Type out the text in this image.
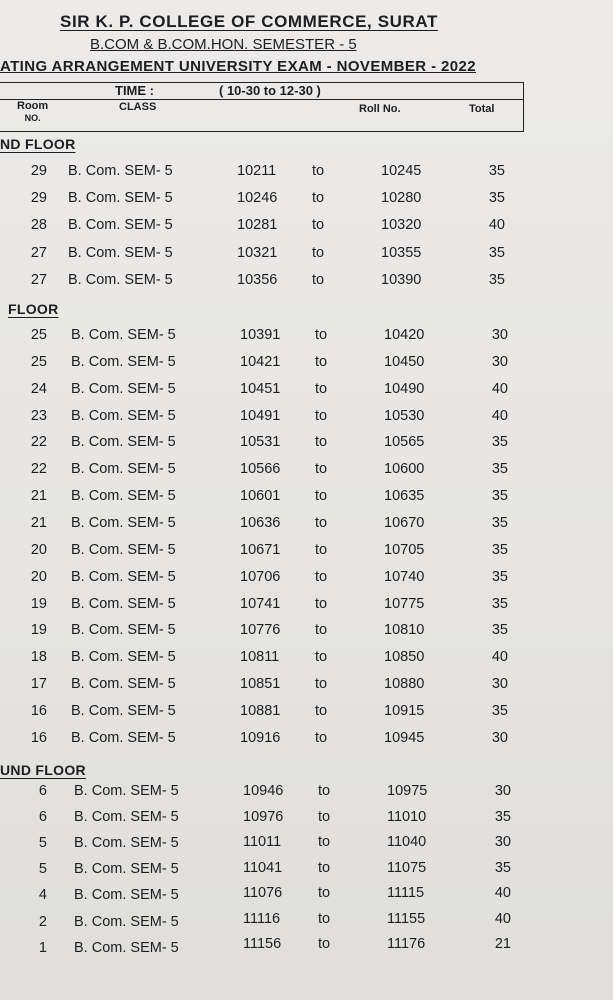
SIR K. P. COLLEGE OF COMMERCE, SURAT
B.COM & B.COM.HON. SEMESTER - 5
ATING ARRANGEMENT UNIVERSITY EXAM - NOVEMBER - 2022
TIME :	( 10-30 to 12-30 )
Room
NO.
CLASS	Roll No.	Total
ND FLOOR
29 B. Com. SEM- 5	10211 to	10245	35
29 B. Com. SEM- 5	10246 to	10280	35
28 B. Com. SEM- 5	10281 to	10320	40
27 B. Com. SEM- 5	10321 to	10355	35
27 B. Com. SEM- 5	10356 to	10390	35
FLOOR
25 B. Com. SEM- 5	10391 to	10420	30
25 B. Com. SEM- 5	10421 to	10450	30
24 B. Com. SEM- 5	10451 to	10490	40
23 B. Com. SEM- 5	10491 to	10530	40
22 B. Com. SEM- 5	10531 to	10565	35
22 B. Com. SEM- 5	10566 to	10600	35
21 B. Com. SEM- 5	10601 to	10635	35
21 B. Com. SEM- 5	10636 to	10670	35
20 B. Com. SEM- 5	10671 to	10705	35
20 B. Com. SEM- 5	10706 to	10740	35
19 B. Com. SEM- 5	10741 to	10775	35
19 B. Com. SEM- 5	10776 to	10810	35
18 B. Com. SEM- 5	10811 to	10850	40
17 B. Com. SEM- 5	10851 to	10880	30
16 B. Com. SEM- 5	10881 to	10915	35
16 B. Com. SEM- 5	10916 to	10945	30
UND FLOOR
6 B. Com. SEM- 5	10946 to	10975	30
6 B. Com. SEM- 5	10976 to	11010	35
5 B. Com. SEM- 5	11011	to	11040	30
5 B. Com. SEM- 5	11041 to	11075	35
4 B. Com. SEM- 5	11076 to	11115	40
2 B. Com. SEM- 5	11116	to	11155	40
1 B. Com. SEM- 5	11156	to	11176	21
